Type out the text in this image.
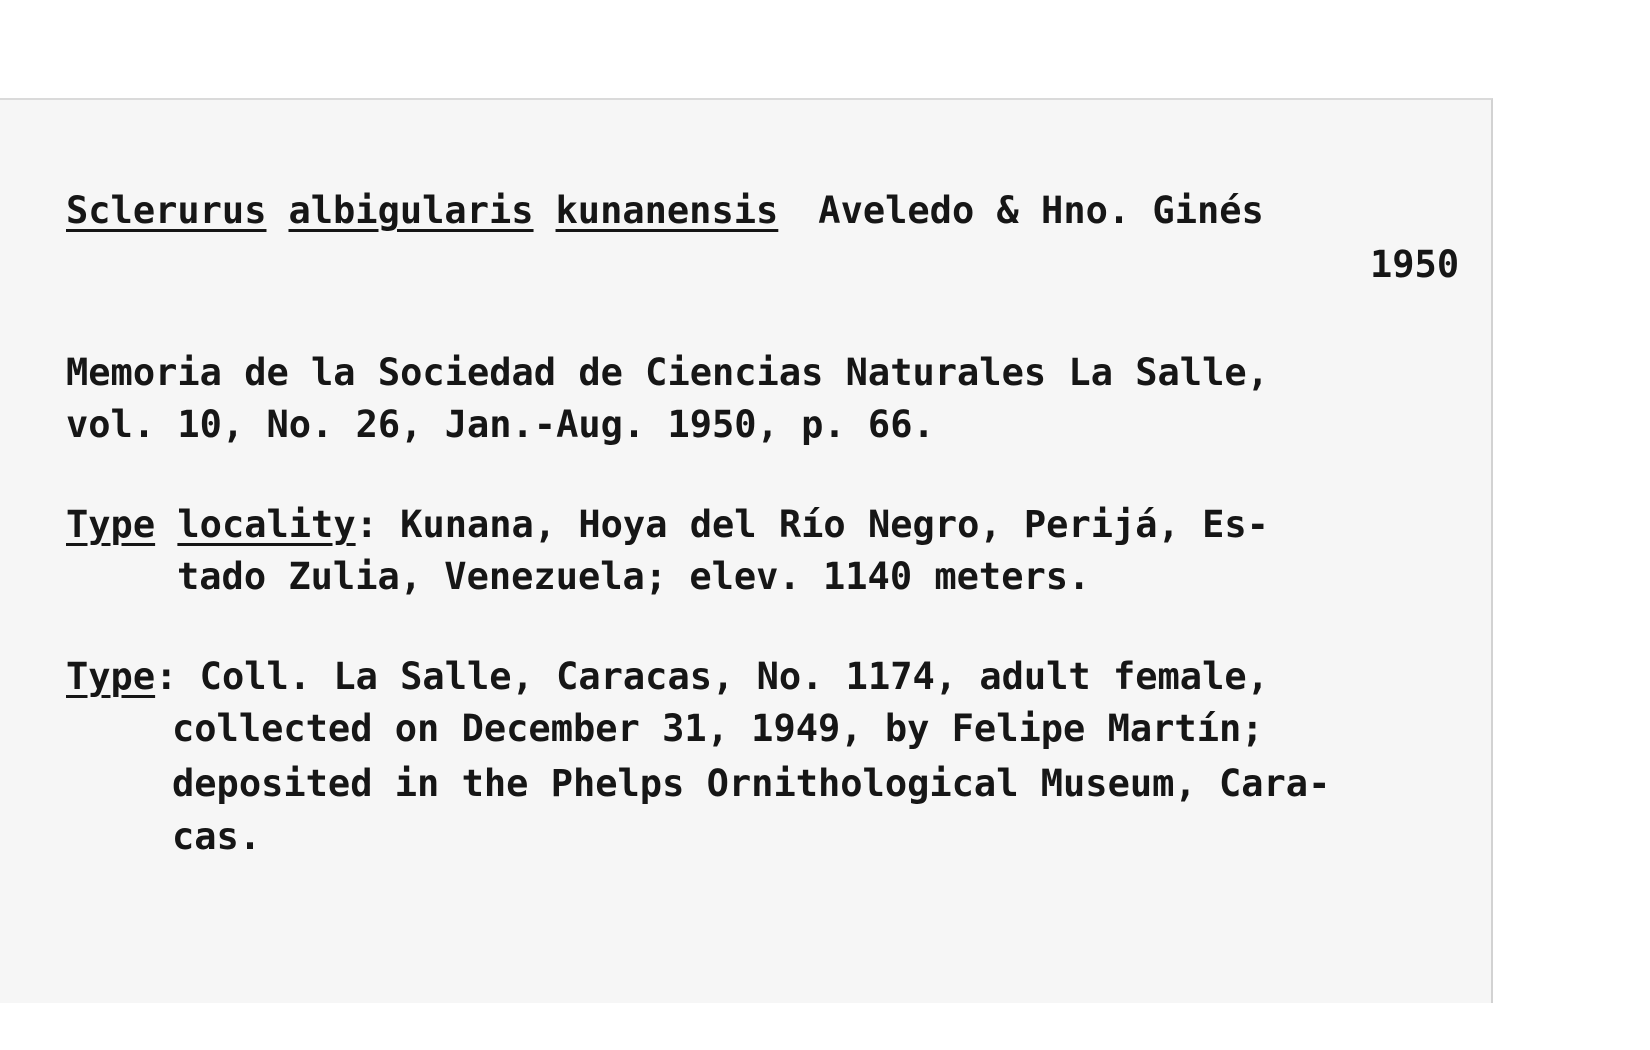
Sclerurus albigularis kunanensis Aveledo & Hno. Ginés
1950
Memoria de la Sociedad de Ciencias Naturales La Salle,
vol. 10, No. 26, Jan.-Aug. 1950, p. 66.
Type locality: Kunana, Hoya del Río Negro, Perijá, Es-
tado Zulia, Venezuela; elev. 1140 meters.
Type: Coll. La Salle, Caracas, No. 1174, adult female,
collected on December 31, 1949, by Felipe Martín;
deposited in the Phelps Ornithological Museum, Cara-
cas.
